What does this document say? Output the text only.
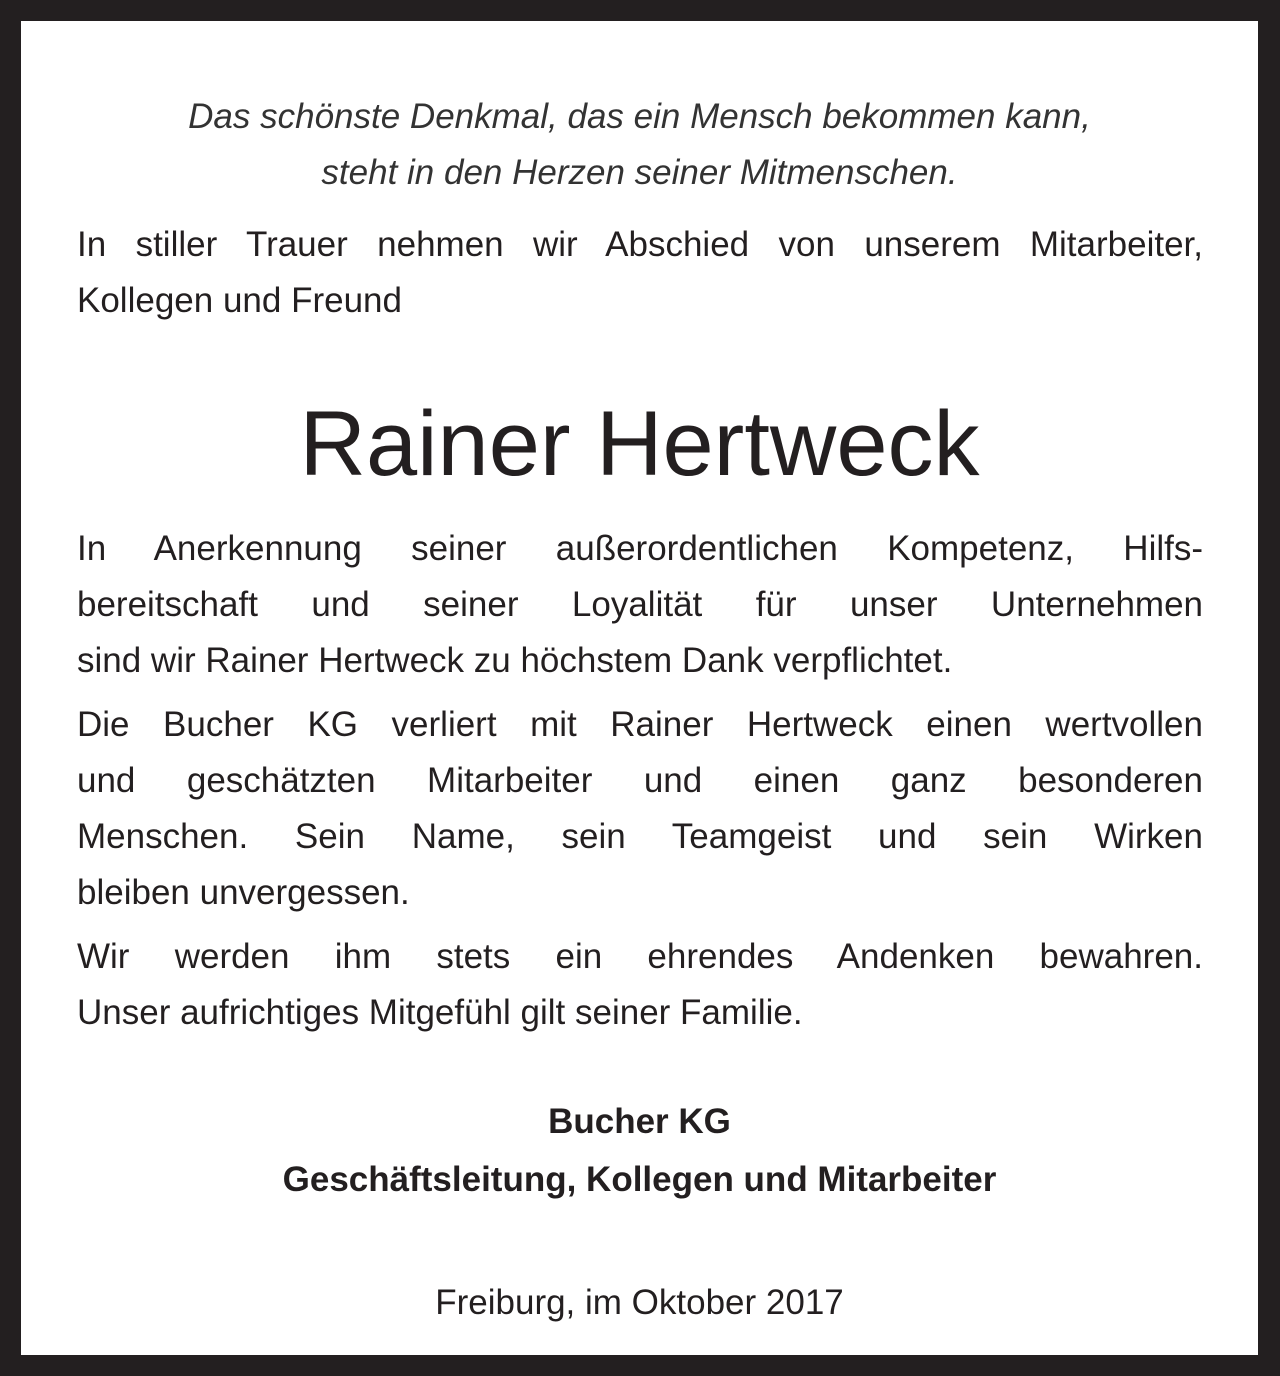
Das schönste Denkmal, das ein Mensch bekommen kann,
steht in den Herzen seiner Mitmenschen.
In stiller Trauer nehmen wir Abschied von unserem Mitarbeiter,
Kollegen und Freund
Rainer Hertweck
In Anerkennung seiner außerordentlichen Kompetenz, Hilfs-
bereitschaft und seiner Loyalität für unser Unternehmen
sind wir Rainer Hertweck zu höchstem Dank verpflichtet.
Die Bucher KG verliert mit Rainer Hertweck einen wertvollen
und geschätzten Mitarbeiter und einen ganz besonderen
Menschen. Sein Name, sein Teamgeist und sein Wirken
bleiben unvergessen.
Wir werden ihm stets ein ehrendes Andenken bewahren.
Unser aufrichtiges Mitgefühl gilt seiner Familie.
Bucher KG
Geschäftsleitung, Kollegen und Mitarbeiter
Freiburg, im Oktober 2017
